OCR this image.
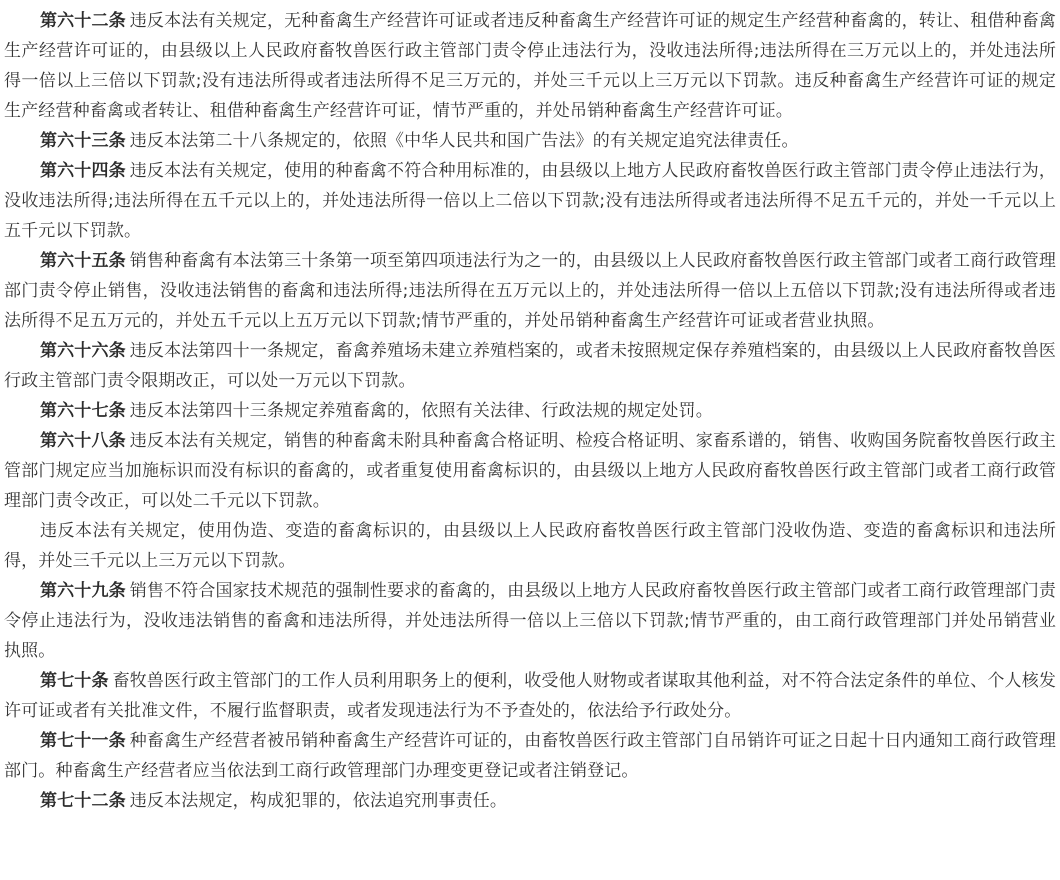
第六十二条 违反本法有关规定，无种畜禽生产经营许可证或者违反种畜禽生产经营许可证的规定生产经营种畜禽的，转让、租借种畜禽生产经营许可证的，由县级以上人民政府畜牧兽医行政主管部门责令停止违法行为，没收违法所得;违法所得在三万元以上的，并处违法所得一倍以上三倍以下罚款;没有违法所得或者违法所得不足三万元的，并处三千元以上三万元以下罚款。违反种畜禽生产经营许可证的规定生产经营种畜禽或者转让、租借种畜禽生产经营许可证，情节严重的，并处吊销种畜禽生产经营许可证。

第六十三条 违反本法第二十八条规定的，依照《中华人民共和国广告法》的有关规定追究法律责任。

第六十四条 违反本法有关规定，使用的种畜禽不符合种用标准的，由县级以上地方人民政府畜牧兽医行政主管部门责令停止违法行为，没收违法所得;违法所得在五千元以上的，并处违法所得一倍以上二倍以下罚款;没有违法所得或者违法所得不足五千元的，并处一千元以上五千元以下罚款。

第六十五条 销售种畜禽有本法第三十条第一项至第四项违法行为之一的，由县级以上人民政府畜牧兽医行政主管部门或者工商行政管理部门责令停止销售，没收违法销售的畜禽和违法所得;违法所得在五万元以上的，并处违法所得一倍以上五倍以下罚款;没有违法所得或者违法所得不足五万元的，并处五千元以上五万元以下罚款;情节严重的，并处吊销种畜禽生产经营许可证或者营业执照。

第六十六条 违反本法第四十一条规定，畜禽养殖场未建立养殖档案的，或者未按照规定保存养殖档案的，由县级以上人民政府畜牧兽医行政主管部门责令限期改正，可以处一万元以下罚款。

第六十七条 违反本法第四十三条规定养殖畜禽的，依照有关法律、行政法规的规定处罚。

第六十八条 违反本法有关规定，销售的种畜禽未附具种畜禽合格证明、检疫合格证明、家畜系谱的，销售、收购国务院畜牧兽医行政主管部门规定应当加施标识而没有标识的畜禽的，或者重复使用畜禽标识的，由县级以上地方人民政府畜牧兽医行政主管部门或者工商行政管理部门责令改正，可以处二千元以下罚款。

违反本法有关规定，使用伪造、变造的畜禽标识的，由县级以上人民政府畜牧兽医行政主管部门没收伪造、变造的畜禽标识和违法所得，并处三千元以上三万元以下罚款。

第六十九条 销售不符合国家技术规范的强制性要求的畜禽的，由县级以上地方人民政府畜牧兽医行政主管部门或者工商行政管理部门责令停止违法行为，没收违法销售的畜禽和违法所得，并处违法所得一倍以上三倍以下罚款;情节严重的，由工商行政管理部门并处吊销营业执照。

第七十条 畜牧兽医行政主管部门的工作人员利用职务上的便利，收受他人财物或者谋取其他利益，对不符合法定条件的单位、个人核发许可证或者有关批准文件，不履行监督职责，或者发现违法行为不予查处的，依法给予行政处分。

第七十一条 种畜禽生产经营者被吊销种畜禽生产经营许可证的，由畜牧兽医行政主管部门自吊销许可证之日起十日内通知工商行政管理部门。种畜禽生产经营者应当依法到工商行政管理部门办理变更登记或者注销登记。

第七十二条 违反本法规定，构成犯罪的，依法追究刑事责任。
